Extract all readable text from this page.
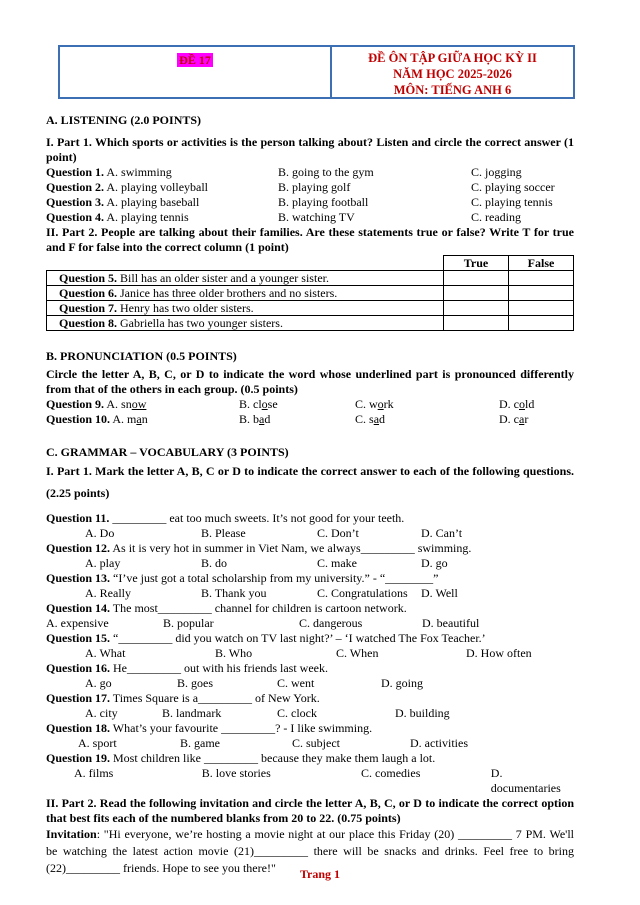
ĐỀ 17	ĐỀ ÔN TẬP GIỮA HỌC KỲ II
NĂM HỌC 2025-2026
MÔN: TIẾNG ANH 6
A. LISTENING (2.0 POINTS)
I. Part 1. Which sports or activities is the person talking about? Listen and circle the correct answer (1 point)
Question 1. A. swimming	B. going to the gym	C. jogging
Question 2. A. playing volleyball	B. playing golf	C. playing soccer
Question 3. A. playing baseball	B. playing football	C. playing tennis
Question 4. A. playing tennis	B. watching TV	C. reading
II. Part 2. People are talking about their families. Are these statements true or false? Write T for true and F for false into the correct column (1 point)
	True	False
Question 5. Bill has an older sister and a younger sister.		
Question 6. Janice has three older brothers and no sisters.		
Question 7. Henry has two older sisters.		
Question 8. Gabriella has two younger sisters.		
B. PRONUNCIATION (0.5 POINTS)
Circle the letter A, B, C, or D to indicate the word whose underlined part is pronounced differently from that of the others in each group. (0.5 points)
Question 9. A. snow	B. close	C. work	D. cold
Question 10. A. man	B. bad	C. sad	D. car
C. GRAMMAR – VOCABULARY (3 POINTS)
I. Part 1. Mark the letter A, B, C or D to indicate the correct answer to each of the following questions. (2.25 points)
Question 11. _________ eat too much sweets. It’s not good for your teeth.
A. Do	B. Please	C. Don’t	D. Can’t
Question 12. As it is very hot in summer in Viet Nam, we always_________ swimming.
A. play	B. do	C. make	D. go
Question 13. “I’ve just got a total scholarship from my university.” - “________”
A. Really	B. Thank you	C. Congratulations	D. Well
Question 14. The most_________ channel for children is cartoon network.
A. expensive	B. popular	C. dangerous	D. beautiful
Question 15. “_________ did you watch on TV last night?’ – ‘I watched The Fox Teacher.’
A. What	B. Who	C. When	D. How often
Question 16. He_________ out with his friends last week.
A. go	B. goes	C. went	D. going
Question 17. Times Square is a_________ of New York.
A. city	B. landmark	C. clock	D. building
Question 18. What’s your favourite _________? - I like swimming.
A. sport	B. game	C. subject	D. activities
Question 19. Most children like _________ because they make them laugh a lot.
A. films	B. love stories	C. comedies	D. documentaries
II. Part 2. Read the following invitation and circle the letter A, B, C, or D to indicate the correct option that best fits each of the numbered blanks from 20 to 22. (0.75 points)
Invitation: "Hi everyone, we’re hosting a movie night at our place this Friday (20) _________ 7 PM. We'll be watching the latest action movie (21)_________ there will be snacks and drinks. Feel free to bring (22)_________ friends. Hope to see you there!"	Trang 1
